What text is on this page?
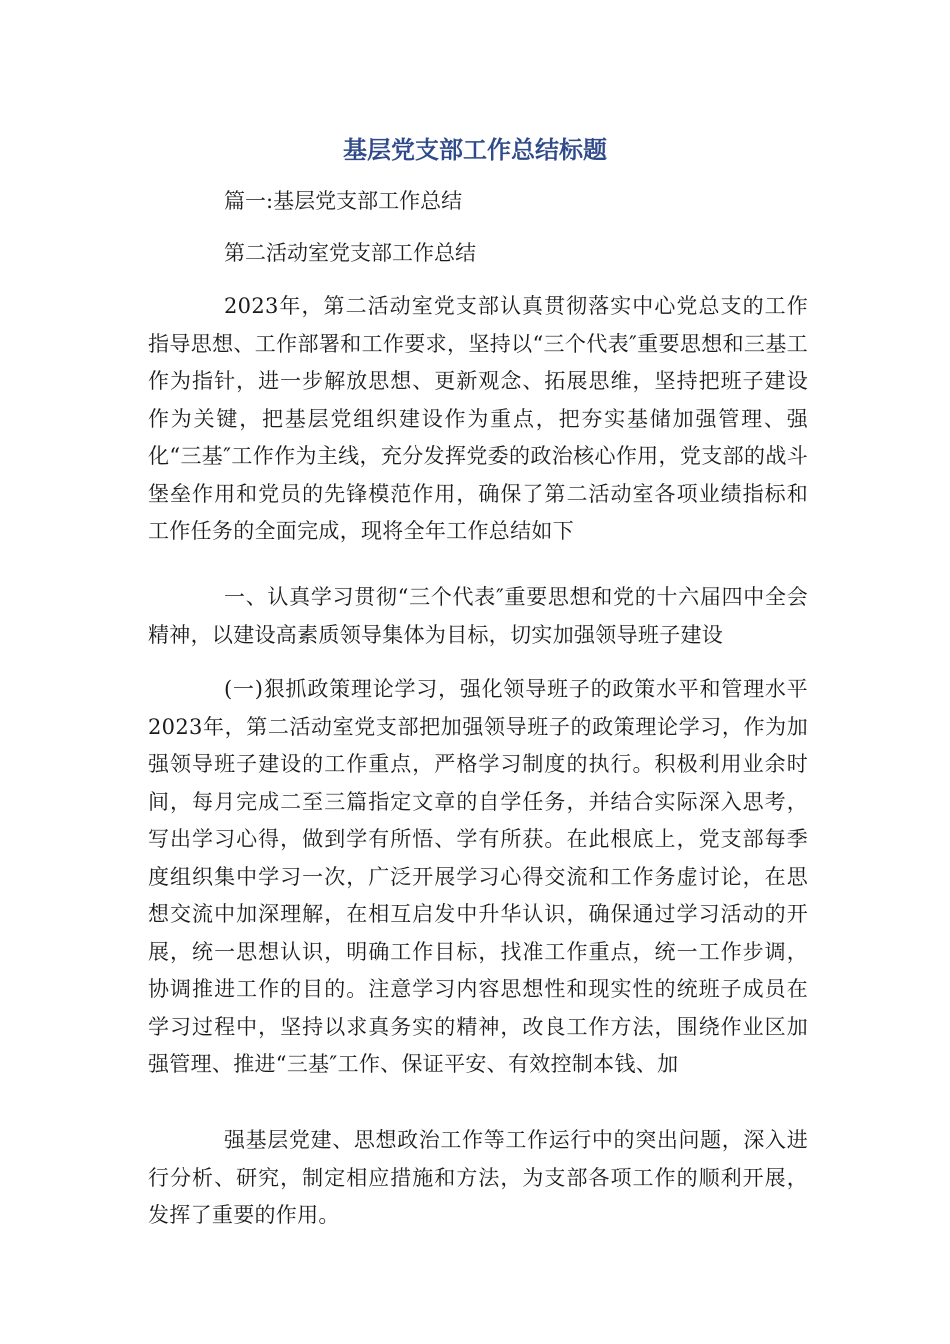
基层党支部工作总结标题

篇一:基层党支部工作总结

第二活动室党支部工作总结

2023年，第二活动室党支部认真贯彻落实中心党总支的工作指导思想、工作部署和工作要求，坚持以“三个代表″重要思想和三基工作为指针，进一步解放思想、更新观念、拓展思维，坚持把班子建设作为关键，把基层党组织建设作为重点，把夯实基储加强管理、强化“三基″工作作为主线，充分发挥党委的政治核心作用，党支部的战斗堡垒作用和党员的先锋模范作用，确保了第二活动室各项业绩指标和工作任务的全面完成，现将全年工作总结如下

一、认真学习贯彻“三个代表″重要思想和党的十六届四中全会精神，以建设高素质领导集体为目标，切实加强领导班子建设

(一)狠抓政策理论学习，强化领导班子的政策水平和管理水平 2023年，第二活动室党支部把加强领导班子的政策理论学习，作为加强领导班子建设的工作重点，严格学习制度的执行。积极利用业余时间，每月完成二至三篇指定文章的自学任务，并结合实际深入思考，写出学习心得，做到学有所悟、学有所获。在此根底上，党支部每季度组织集中学习一次，广泛开展学习心得交流和工作务虚讨论，在思想交流中加深理解，在相互启发中升华认识，确保通过学习活动的开展，统一思想认识，明确工作目标，找准工作重点，统一工作步调，协调推进工作的目的。注意学习内容思想性和现实性的统班子成员在学习过程中，坚持以求真务实的精神，改良工作方法，围绕作业区加强管理、推进“三基″工作、保证平安、有效控制本钱、加

强基层党建、思想政治工作等工作运行中的突出问题，深入进行分析、研究，制定相应措施和方法，为支部各项工作的顺利开展，发挥了重要的作用。
